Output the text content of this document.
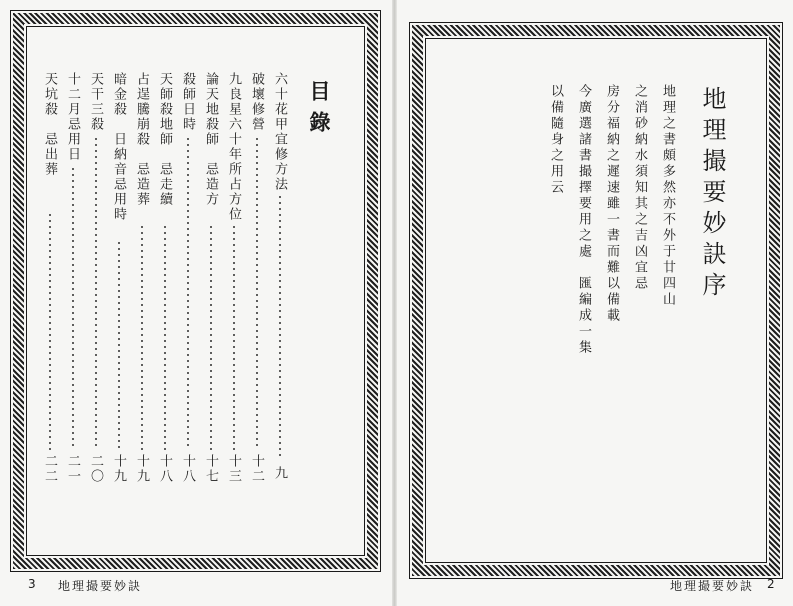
目錄
六十花甲宜修方法
九
破壞修營
十二
九良星六十年所占方位
十三
論天地殺師　忌造方
十七
殺師日時
十八
天師殺地師　忌走續
十八
占逞騰崩殺　忌造葬
十九
暗金殺　日納音忌用時
十九
天干三殺
二〇
十二月忌用日
二一
天坑殺　忌出葬
二二
3 地理撮要妙訣
地理撮要妙訣序
地理之書頗多然亦不外于廿四山
之消砂納水須知其之吉凶宜忌
房分福納之遲速雖一書而難以備載
今廣選諸書撮擇要用之處　匯編成一集
以備隨身之用云
地理撮要妙訣 2
